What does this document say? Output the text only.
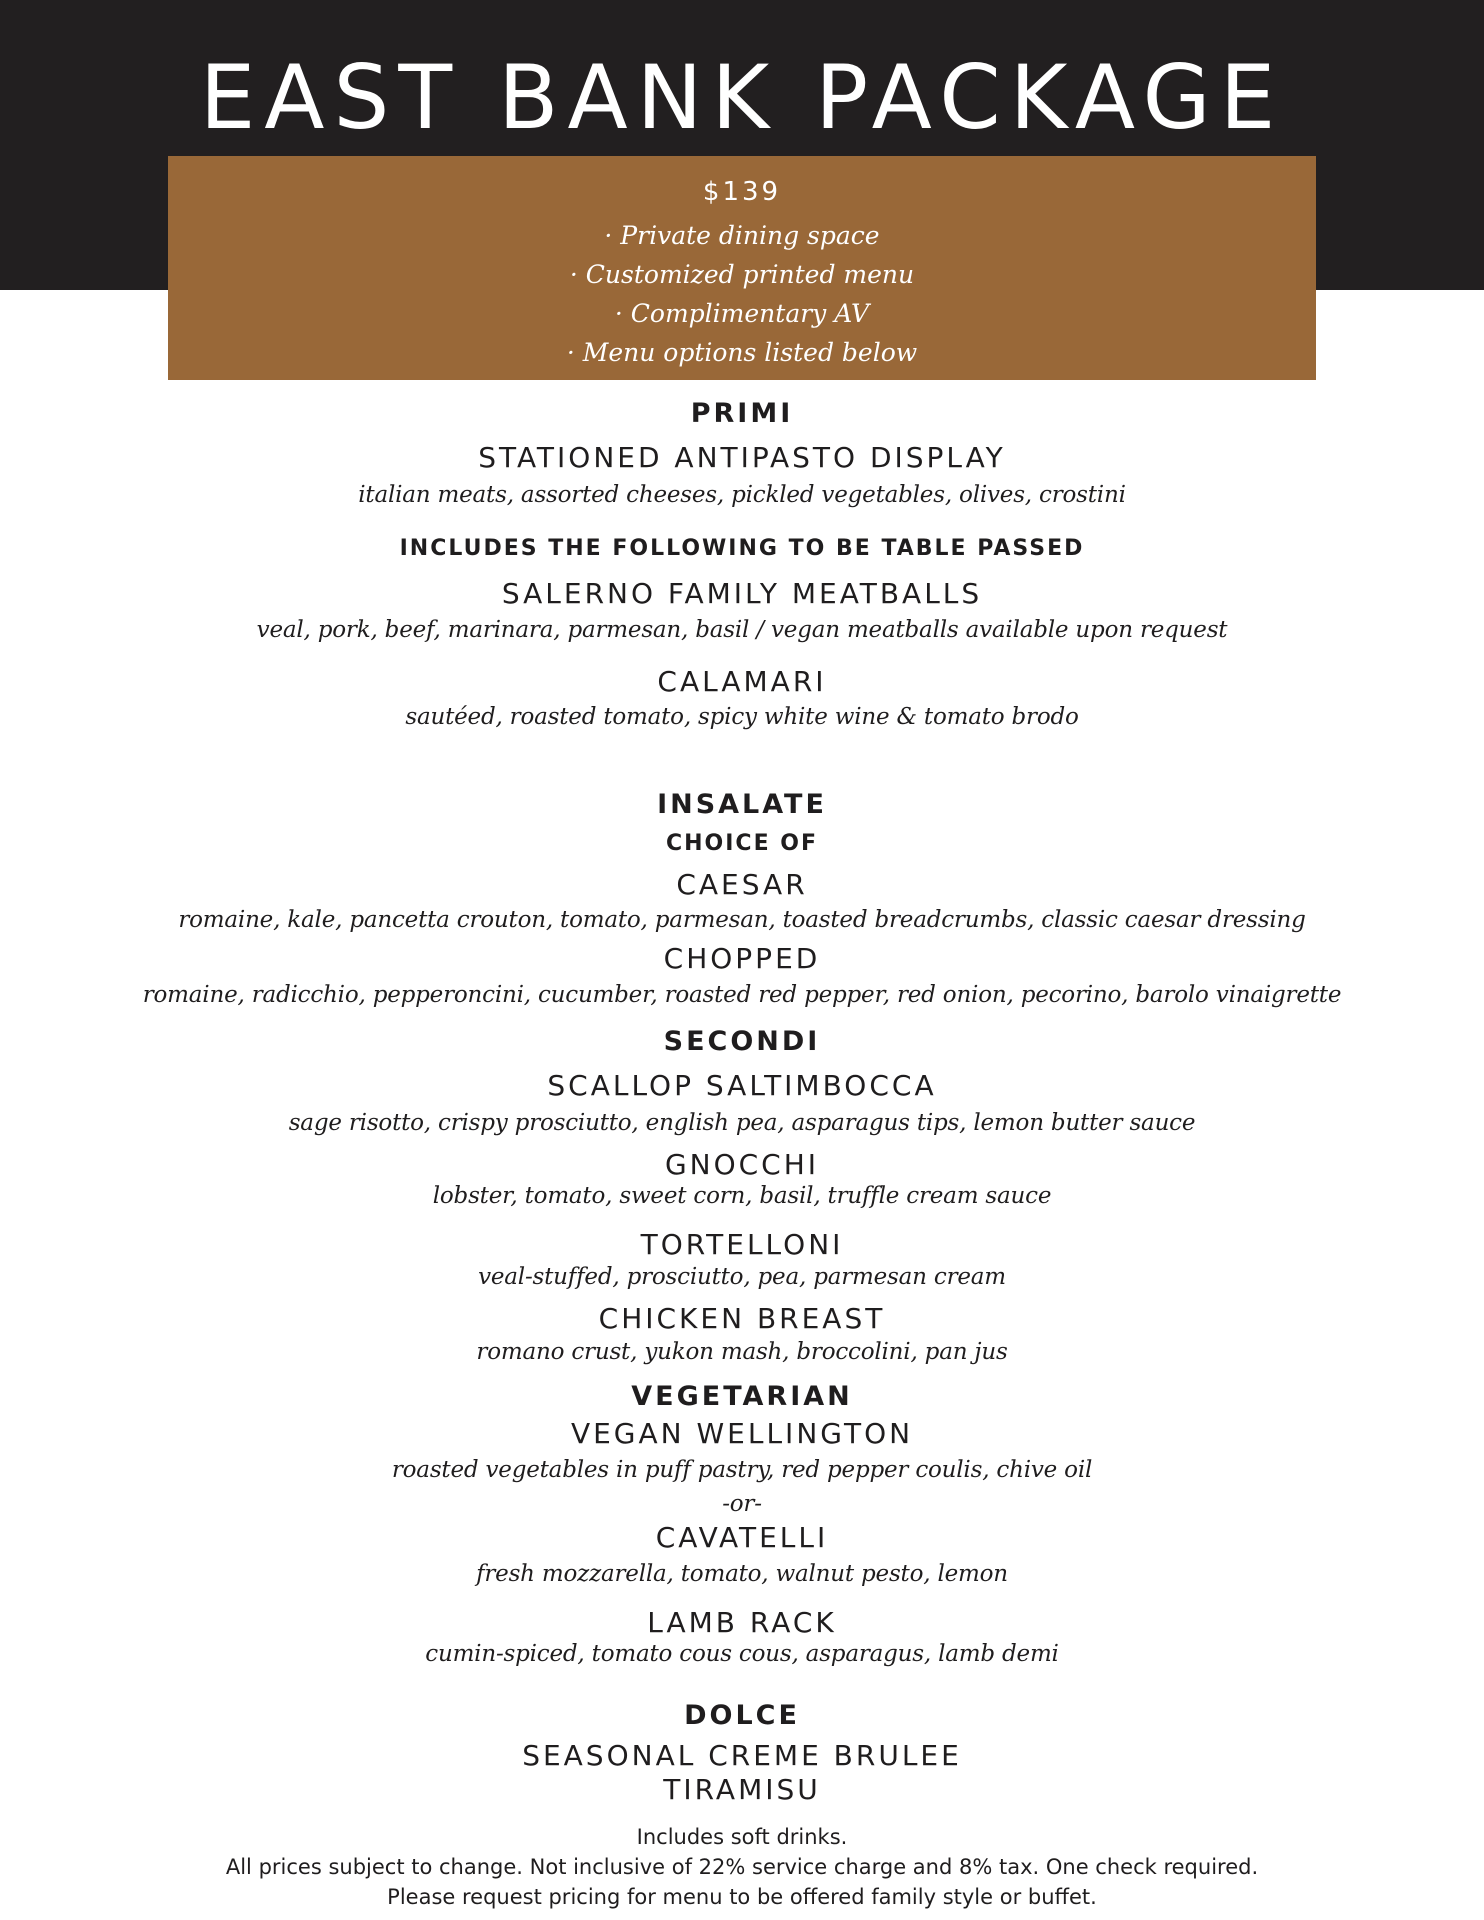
EAST BANK PACKAGE
$139
· Private dining space
· Customized printed menu
· Complimentary AV
· Menu options listed below
PRIMI
STATIONED ANTIPASTO DISPLAY
italian meats, assorted cheeses, pickled vegetables, olives, crostini
INCLUDES THE FOLLOWING TO BE TABLE PASSED
SALERNO FAMILY MEATBALLS
veal, pork, beef, marinara, parmesan, basil / vegan meatballs available upon request
CALAMARI
sautéed, roasted tomato, spicy white wine & tomato brodo
INSALATE
CHOICE OF
CAESAR
romaine, kale, pancetta crouton, tomato, parmesan, toasted breadcrumbs, classic caesar dressing
CHOPPED
romaine, radicchio, pepperoncini, cucumber, roasted red pepper, red onion, pecorino, barolo vinaigrette
SECONDI
SCALLOP SALTIMBOCCA
sage risotto, crispy prosciutto, english pea, asparagus tips, lemon butter sauce
GNOCCHI
lobster, tomato, sweet corn, basil, truffle cream sauce
TORTELLONI
veal-stuffed, prosciutto, pea, parmesan cream
CHICKEN BREAST
romano crust, yukon mash, broccolini, pan jus
VEGETARIAN
VEGAN WELLINGTON
roasted vegetables in puff pastry, red pepper coulis, chive oil
-or-
CAVATELLI
fresh mozzarella, tomato, walnut pesto, lemon
LAMB RACK
cumin-spiced, tomato cous cous, asparagus, lamb demi
DOLCE
SEASONAL CREME BRULEE
TIRAMISU
Includes soft drinks.
All prices subject to change. Not inclusive of 22% service charge and 8% tax. One check required.
Please request pricing for menu to be offered family style or buffet.
